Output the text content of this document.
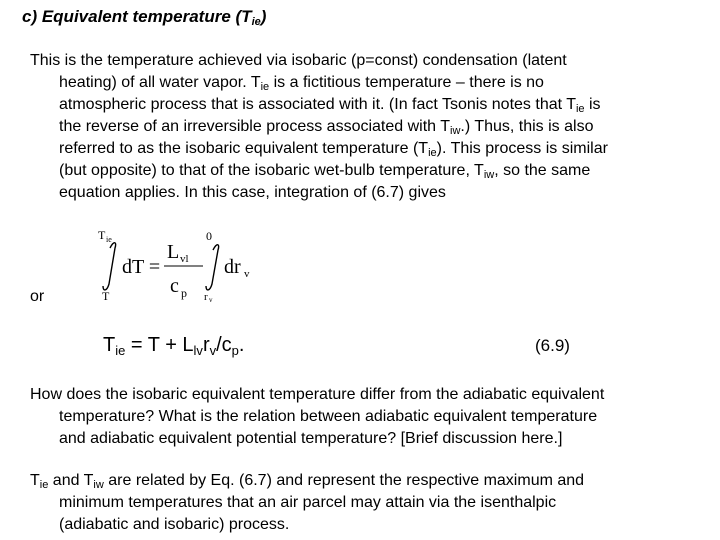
c) Equivalent temperature $(T_{ie})$
This is the temperature achieved via isobaric (p=const) condensation (latent
heating) of all water vapor. $T_{ie}$ is a fictitious temperature – there is no
atmospheric process that is associated with it. (In fact Tsonis notes that $T_{ie}$ is
the reverse of an irreversible process associated with $T_{iw}$.) Thus, this is also
referred to as the isobaric equivalent temperature $(T_{ie})$. This process is similar
(but opposite) to that of the isobaric wet-bulb temperature, $T_{iw}$, so the same
equation applies. In this case, integration of (6.7) gives
T ie
T
dT =
L vl
c p
0
r v
dr v
or
$T_{ie} = T + L_{lv}r_v/c_p$.	(6.9)
How does the isobaric equivalent temperature differ from the adiabatic equivalent
temperature? What is the relation between adiabatic equivalent temperature
and adiabatic equivalent potential temperature? [Brief discussion here.]
$T_{ie}$ and $T_{iw}$ are related by Eq. (6.7) and represent the respective maximum and
minimum temperatures that an air parcel may attain via the isenthalpic
(adiabatic and isobaric) process.
